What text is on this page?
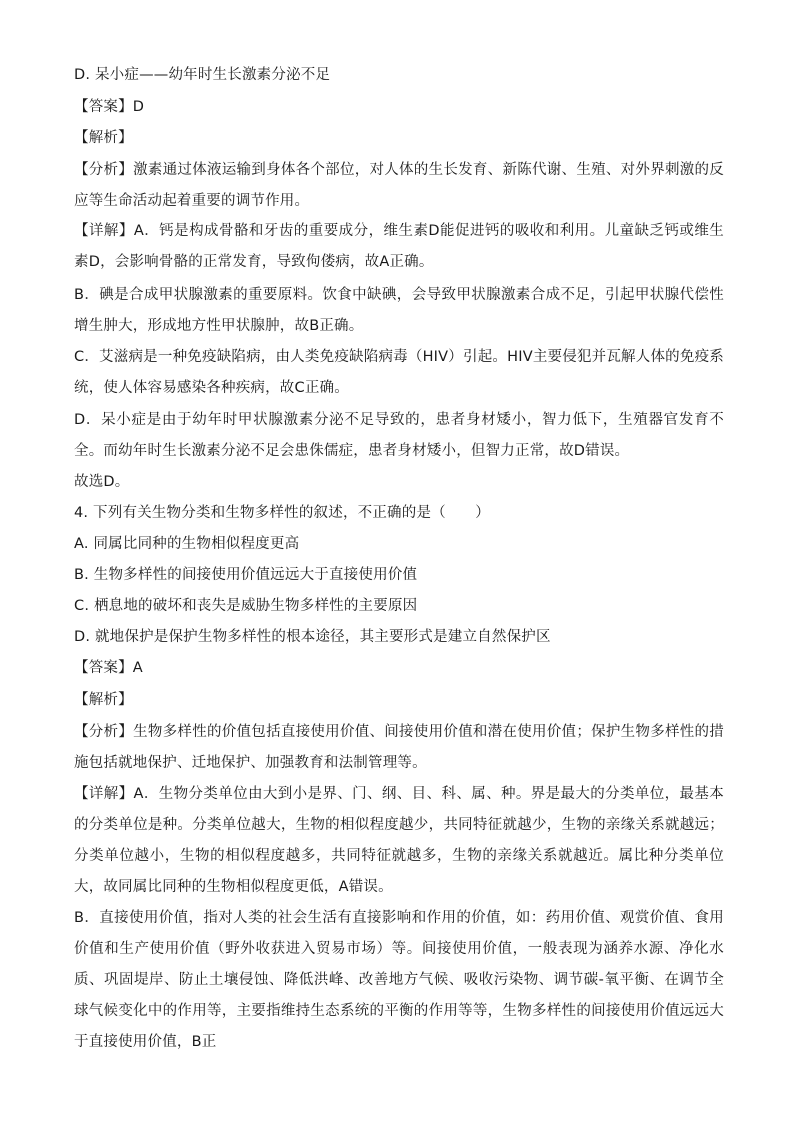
D. 呆小症——幼年时生长激素分泌不足

【答案】D

【解析】

【分析】激素通过体液运输到身体各个部位，对人体的生长发育、新陈代谢、生殖、对外界刺激的反应等生命活动起着重要的调节作用。

【详解】A．钙是构成骨骼和牙齿的重要成分，维生素D能促进钙的吸收和利用。儿童缺乏钙或维生素D，会影响骨骼的正常发育，导致佝偻病，故A正确。

B．碘是合成甲状腺激素的重要原料。饮食中缺碘，会导致甲状腺激素合成不足，引起甲状腺代偿性增生肿大，形成地方性甲状腺肿，故B正确。

C．艾滋病是一种免疫缺陷病，由人类免疫缺陷病毒（HIV）引起。HIV主要侵犯并瓦解人体的免疫系统，使人体容易感染各种疾病，故C正确。

D．呆小症是由于幼年时甲状腺激素分泌不足导致的，患者身材矮小，智力低下，生殖器官发育不全。而幼年时生长激素分泌不足会患侏儒症，患者身材矮小，但智力正常，故D错误。

故选D。

4. 下列有关生物分类和生物多样性的叙述，不正确的是（　　）

A. 同属比同种的生物相似程度更高

B. 生物多样性的间接使用价值远远大于直接使用价值

C. 栖息地的破坏和丧失是威胁生物多样性的主要原因

D. 就地保护是保护生物多样性的根本途径，其主要形式是建立自然保护区

【答案】A

【解析】

【分析】生物多样性的价值包括直接使用价值、间接使用价值和潜在使用价值；保护生物多样性的措施包括就地保护、迁地保护、加强教育和法制管理等。

【详解】A．生物分类单位由大到小是界、门、纲、目、科、属、种。界是最大的分类单位，最基本的分类单位是种。分类单位越大，生物的相似程度越少，共同特征就越少，生物的亲缘关系就越远；分类单位越小，生物的相似程度越多，共同特征就越多，生物的亲缘关系就越近。属比种分类单位大，故同属比同种的生物相似程度更低，A错误。

B．直接使用价值，指对人类的社会生活有直接影响和作用的价值，如：药用价值、观赏价值、食用价值和生产使用价值（野外收获进入贸易市场）等。间接使用价值，一般表现为涵养水源、净化水质、巩固堤岸、防止土壤侵蚀、降低洪峰、改善地方气候、吸收污染物、调节碳-氧平衡、在调节全球气候变化中的作用等，主要指维持生态系统的平衡的作用等等，生物多样性的间接使用价值远远大于直接使用价值，B正
